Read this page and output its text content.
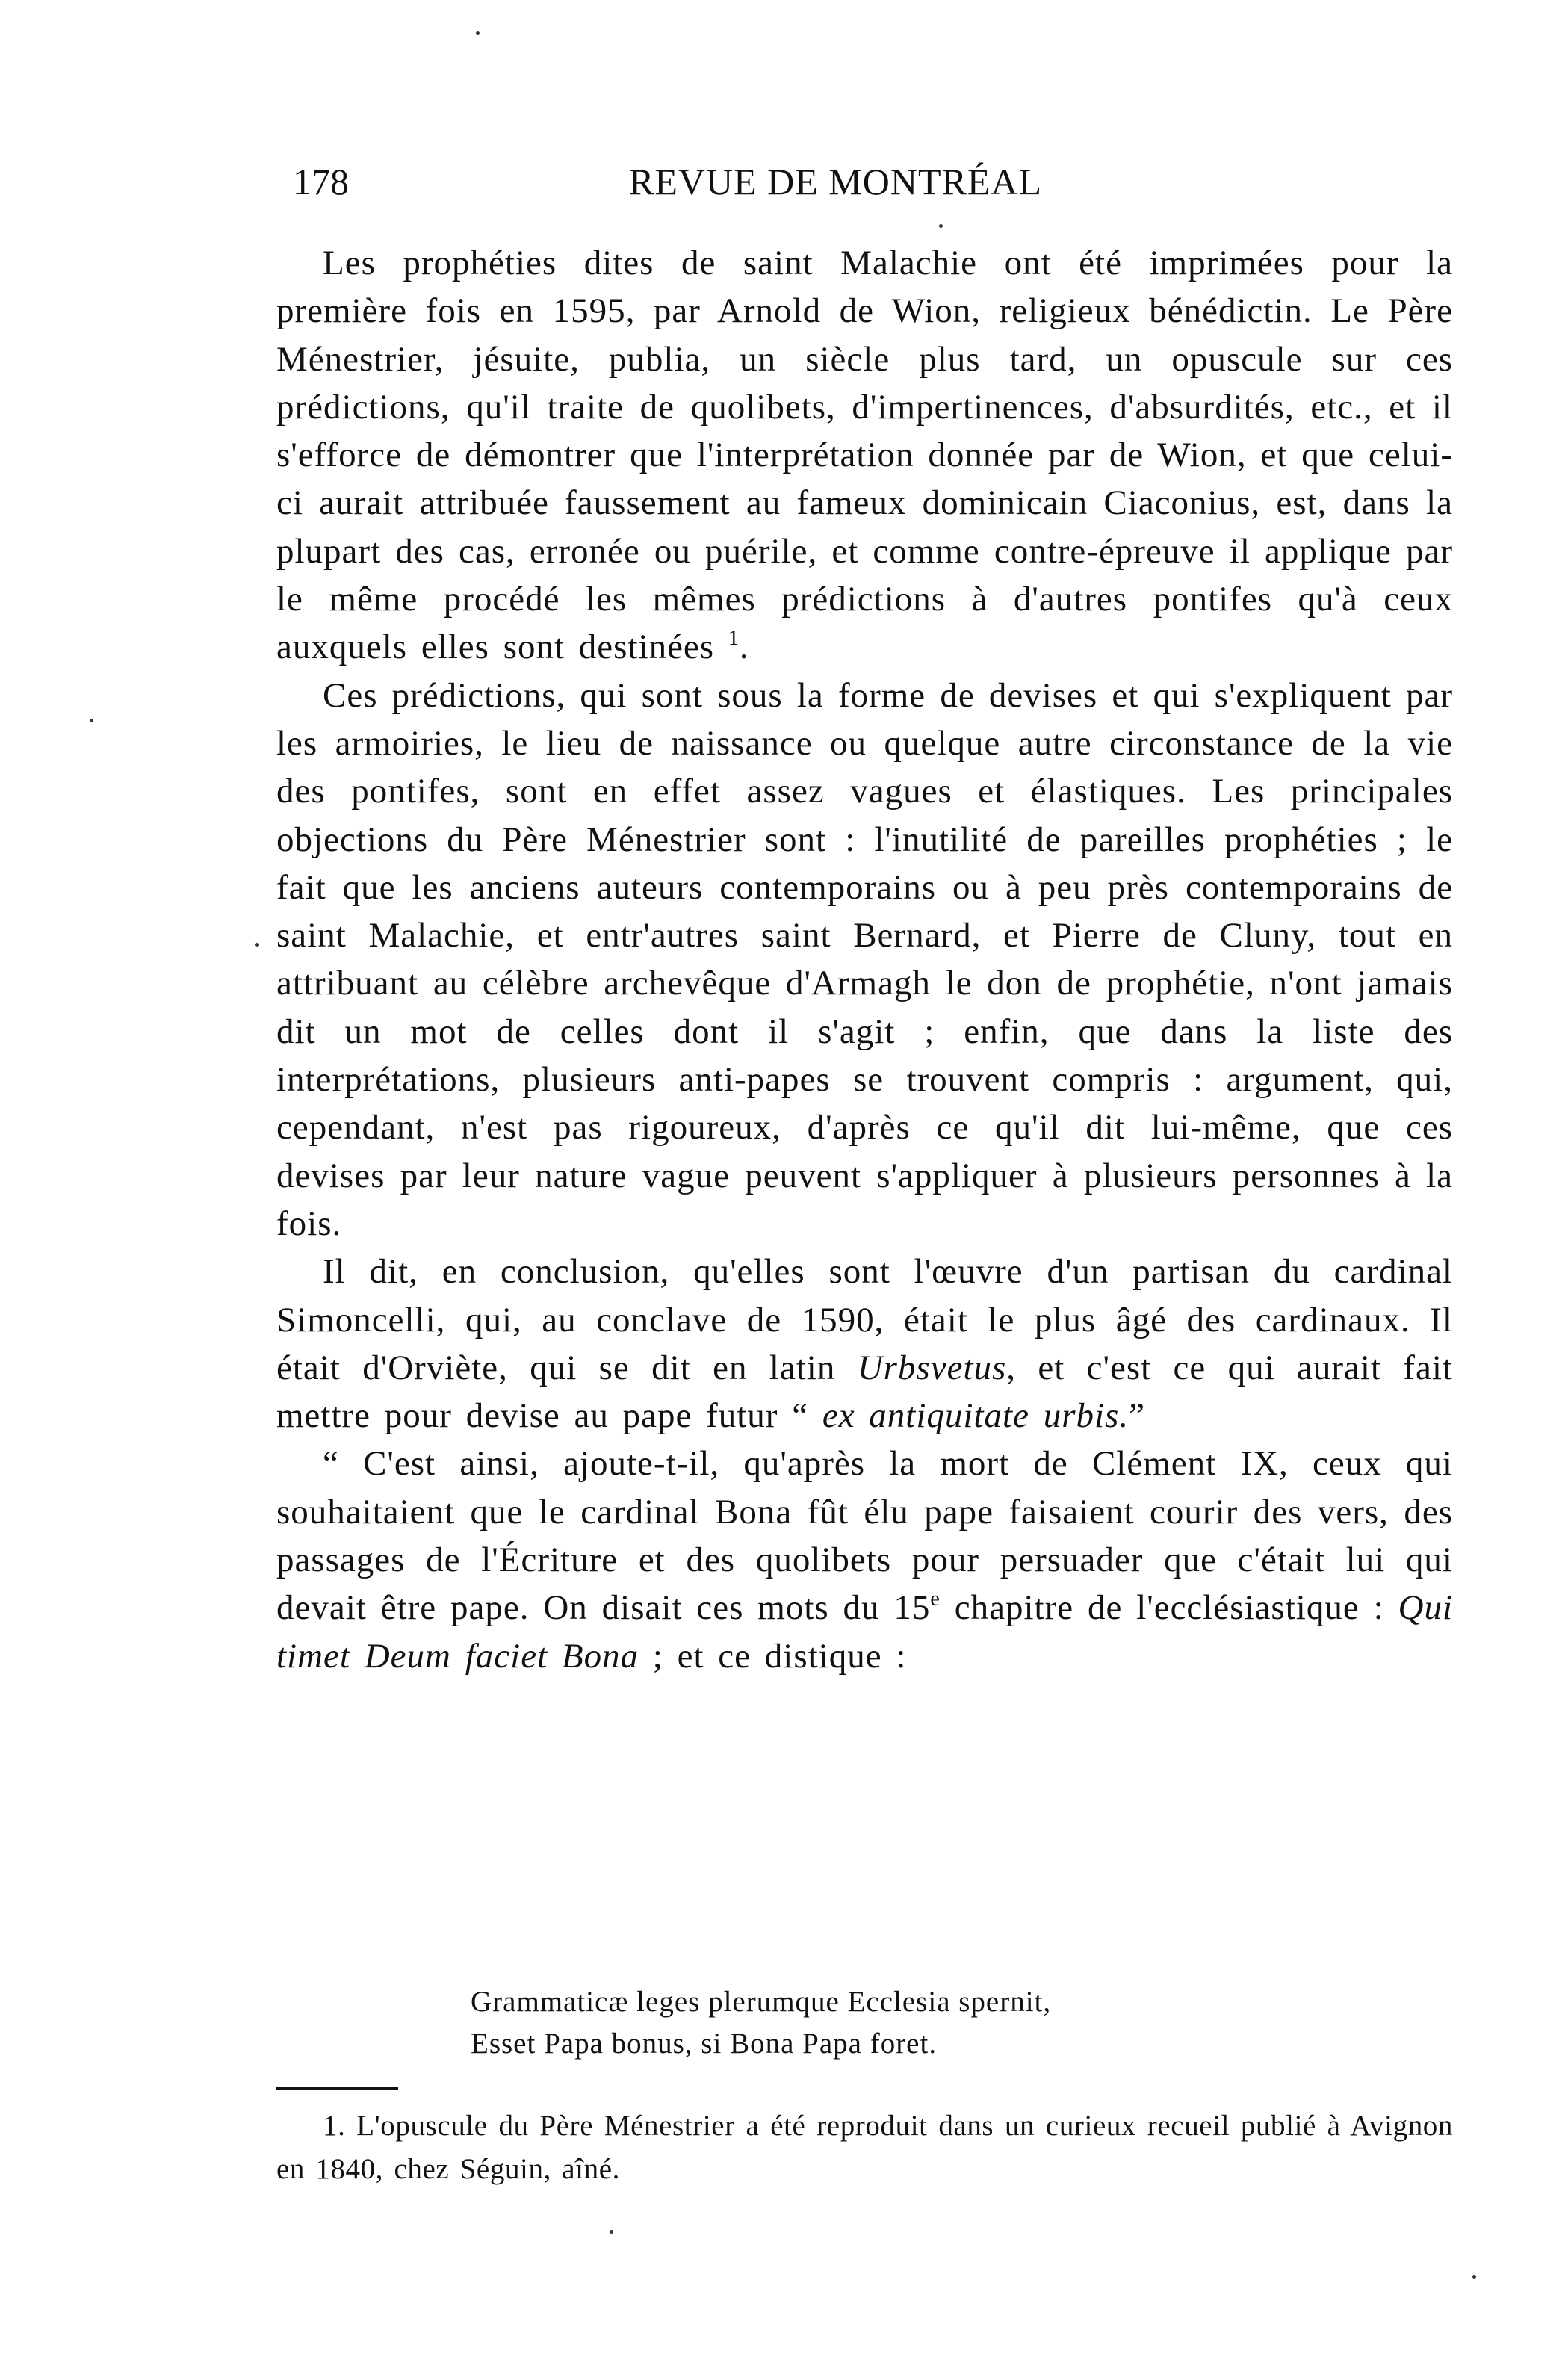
178	REVUE DE MONTRÉAL

Les prophéties dites de saint Malachie ont été imprimées pour la première fois en 1595, par Arnold de Wion, religieux bénédictin. Le Père Ménestrier, jésuite, publia, un siècle plus tard, un opuscule sur ces prédictions, qu'il traite de quolibets, d'impertinences, d'absurdités, etc., et il s'efforce de démontrer que l'interprétation donnée par de Wion, et que celui-ci aurait attribuée faussement au fameux dominicain Ciaconius, est, dans la plupart des cas, erronée ou puérile, et comme contre-épreuve il applique par le même procédé les mêmes prédictions à d'autres pontifes qu'à ceux auxquels elles sont destinées $^1$.

Ces prédictions, qui sont sous la forme de devises et qui s'expliquent par les armoiries, le lieu de naissance ou quelque autre circonstance de la vie des pontifes, sont en effet assez vagues et élastiques. Les principales objections du Père Ménestrier sont : l'inutilité de pareilles prophéties ; le fait que les anciens auteurs contemporains ou à peu près contemporains de saint Malachie, et entr'autres saint Bernard, et Pierre de Cluny, tout en attribuant au célèbre archevêque d'Armagh le don de prophétie, n'ont jamais dit un mot de celles dont il s'agit ; enfin, que dans la liste des interprétations, plusieurs anti-papes se trouvent compris : argument, qui, cependant, n'est pas rigoureux, d'après ce qu'il dit lui-même, que ces devises par leur nature vague peuvent s'appliquer à plusieurs personnes à la fois.

Il dit, en conclusion, qu'elles sont l'œuvre d'un partisan du cardinal Simoncelli, qui, au conclave de 1590, était le plus âgé des cardinaux. Il était d'Orviète, qui se dit en latin Urbsvetus, et c'est ce qui aurait fait mettre pour devise au pape futur “ ex antiquitate urbis.”

“ C'est ainsi, ajoute-t-il, qu'après la mort de Clément IX, ceux qui souhaitaient que le cardinal Bona fût élu pape faisaient courir des vers, des passages de l'Écriture et des quolibets pour persuader que c'était lui qui devait être pape. On disait ces mots du 15e chapitre de l'ecclésiastique : Qui timet Deum faciet Bona ; et ce distique :

Grammaticæ leges plerumque Ecclesia spernit,
Esset Papa bonus, si Bona Papa foret.

1. L'opuscule du Père Ménestrier a été reproduit dans un curieux recueil publié à Avignon en 1840, chez Séguin, aîné.
